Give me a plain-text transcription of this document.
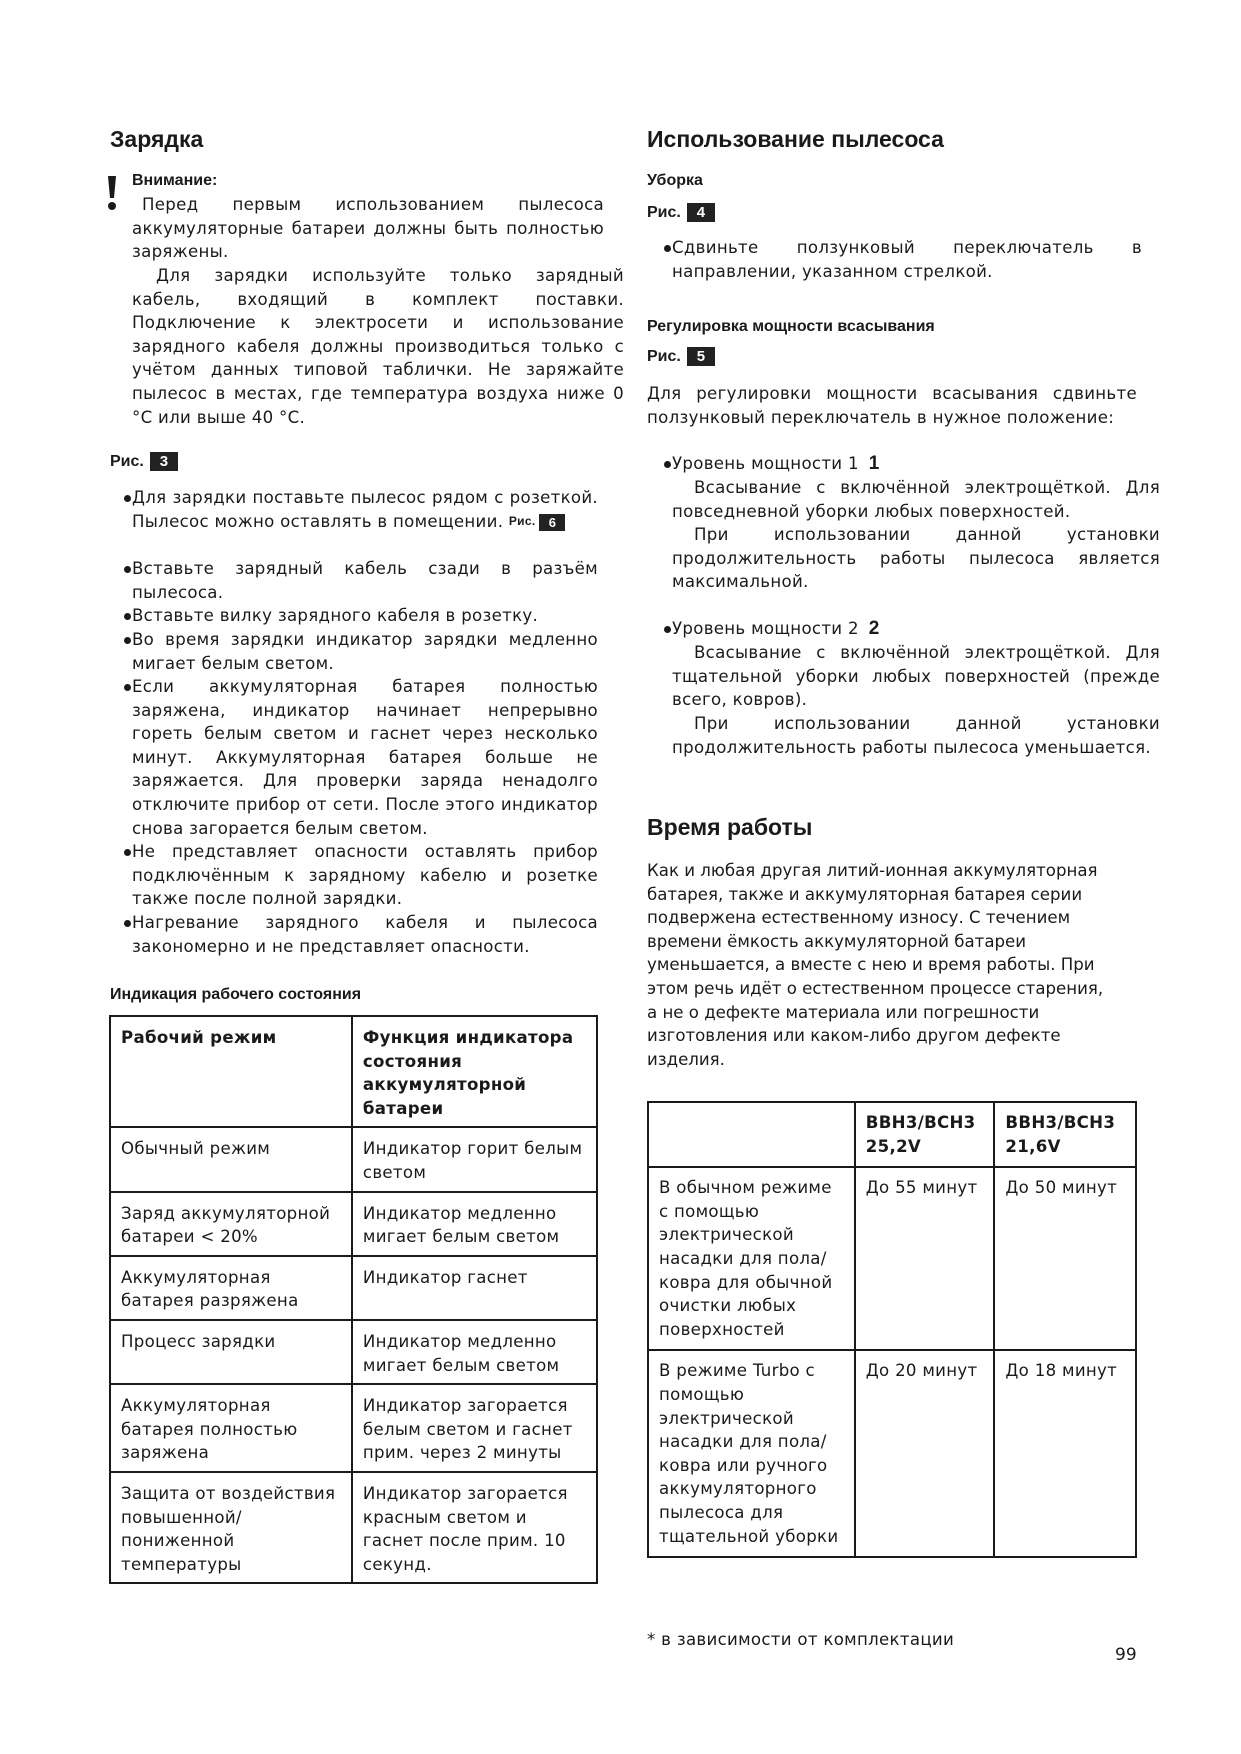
Зарядка
Внимание:

Перед первым использованием пылесоса аккумуляторные батареи должны быть полностью заряжены.

Для зарядки используйте только зарядный кабель, входящий в комплект поставки. Подключение к электросети и использование зарядного кабеля должны производиться только с учётом данных типовой таблички. Не заряжайте пылесос в местах, где температура воздуха ниже 0 °C или выше 40 °C.

Рис.	3

Для зарядки поставьте пылесос рядом с розеткой. Пылесос можно оставлять в помещении. Рис.	6

Вставьте зарядный кабель сзади в разъём пылесоса.

Вставьте вилку зарядного кабеля в розетку.

Во время зарядки индикатор зарядки медленно мигает белым светом.

Если аккумуляторная батарея полностью заряжена, индикатор начинает непрерывно гореть белым светом и гаснет через несколько минут. Аккумуляторная батарея больше не заряжается. Для проверки заряда ненадолго отключите прибор от сети. После этого индикатор снова загорается белым светом.

Не представляет опасности оставлять прибор подключённым к зарядному кабелю и розетке также после полной зарядки.

Нагревание зарядного кабеля и пылесоса закономерно и не представляет опасности.

Индикация рабочего состояния
Рабочий режим	Функция индикатора состояния аккумуляторной батареи
Обычный режим	Индикатор горит белым светом
Заряд аккумуляторной батареи < 20%	Индикатор медленно мигает белым светом
Аккумуляторная батарея разряжена	Индикатор гаснет
Процесс зарядки	Индикатор медленно мигает белым светом
Аккумуляторная батарея полностью заряжена	Индикатор загорается белым светом и гаснет прим. через 2 минуты
Защита от воздействия повышенной/ пониженной температуры	Индикатор загорается красным светом и гаснет после прим. 10 секунд.
Использование пылесоса
Уборка
Рис.	4

Сдвиньте ползунковый переключатель в направлении, указанном стрелкой.

Регулировка мощности всасывания
Рис.	5

Для регулировки мощности всасывания сдвиньте ползунковый переключатель в нужное положение:

Уровень мощности 1 1

Всасывание с включённой электрощёткой. Для повседневной уборки любых поверхностей.

При использовании данной установки продолжительность работы пылесоса является максимальной.

Уровень мощности 2 2

Всасывание с включённой электрощёткой. Для тщательной уборки любых поверхностей (прежде всего, ковров).

При использовании данной установки продолжительность работы пылесоса уменьшается.

Время работы

Как и любая другая литий-ионная аккумуляторная батарея, также и аккумуляторная батарея серии подвержена естественному износу. С течением времени ёмкость аккумуляторной батареи уменьшается, а вместе с нею и время работы. При этом речь идёт о естественном процессе старения, а не о дефекте материала или погрешности изготовления или каком-либо другом дефекте изделия.

	BBH3/BCH3 25,2V	BBH3/BCH3 21,6V
В обычном режиме с помощью электрической насадки для пола/ ковра для обычной очистки любых поверхностей	До 55 минут	До 50 минут
В режиме Turbo с помощью электрической насадки для пола/ ковра или ручного аккумуляторного пылесоса для тщательной уборки	До 20 минут	До 18 минут
* в зависимости от комплектации
99
